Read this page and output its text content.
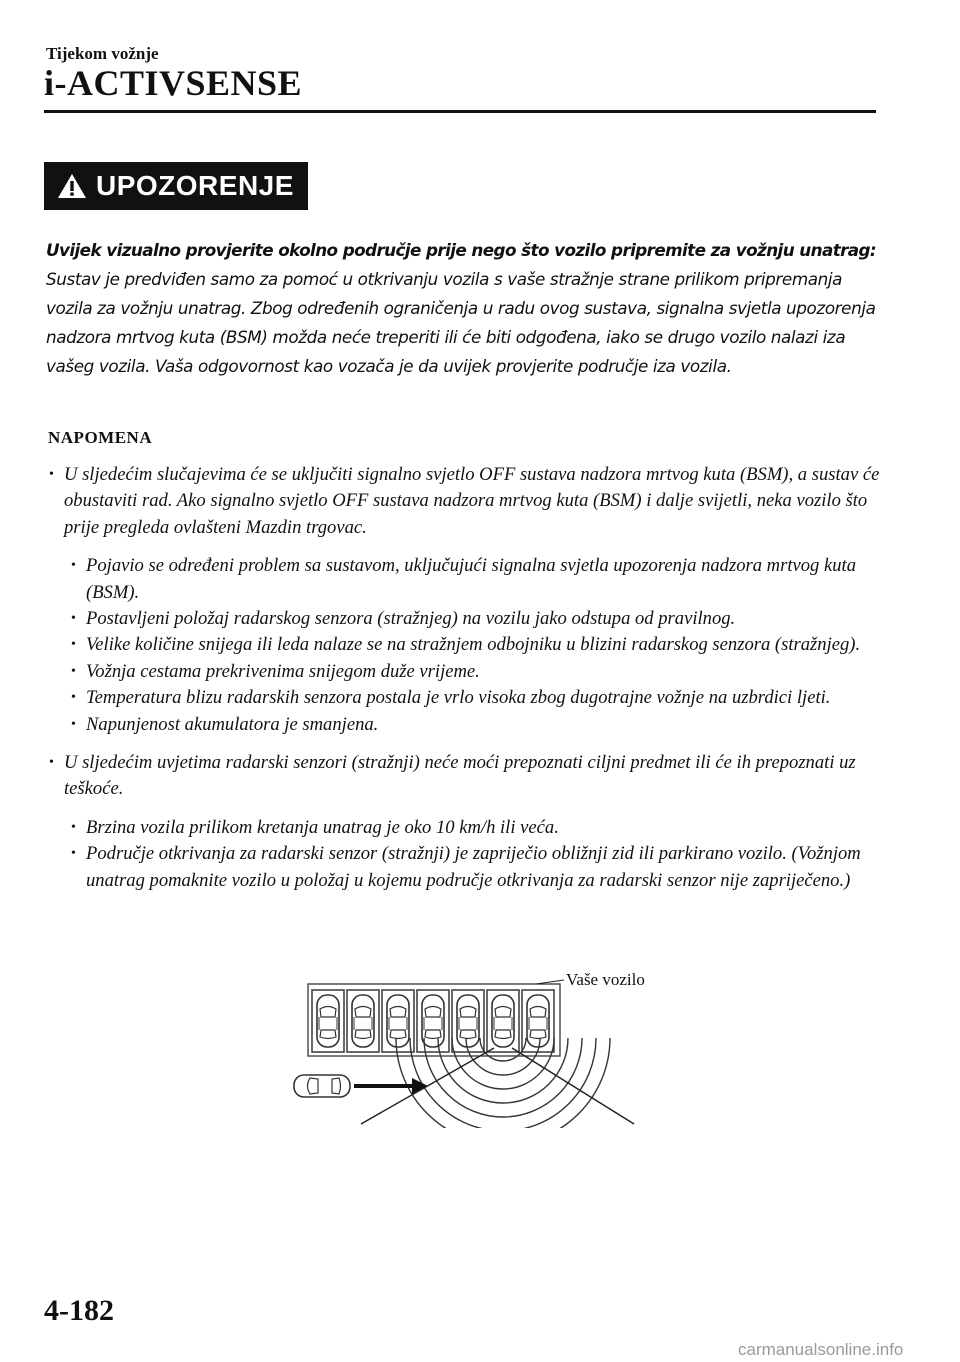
Tijekom vožnje
i-ACTIVSENSE
UPOZORENJE
Uvijek vizualno provjerite okolno područje prije nego što vozilo pripremite za vožnju unatrag:
Sustav je predviđen samo za pomoć u otkrivanju vozila s vaše stražnje strane prilikom pripremanja vozila za vožnju unatrag. Zbog određenih ograničenja u radu ovog sustava, signalna svjetla upozorenja nadzora mrtvog kuta (BSM) možda neće treperiti ili će biti odgođena, iako se drugo vozilo nalazi iza vašeg vozila. Vaša odgovornost kao vozača je da uvijek provjerite područje iza vozila.
NAPOMENA
• U sljedećim slučajevima će se uključiti signalno svjetlo OFF sustava nadzora mrtvog kuta (BSM), a sustav će obustaviti rad. Ako signalno svjetlo OFF sustava nadzora mrtvog kuta (BSM) i dalje svijetli, neka vozilo što prije pregleda ovlašteni Mazdin trgovac.
• Pojavio se određeni problem sa sustavom, uključujući signalna svjetla upozorenja nadzora mrtvog kuta (BSM).
• Postavljeni položaj radarskog senzora (stražnjeg) na vozilu jako odstupa od pravilnog.
• Velike količine snijega ili leda nalaze se na stražnjem odbojniku u blizini radarskog senzora (stražnjeg).
• Vožnja cestama prekrivenima snijegom duže vrijeme.
• Temperatura blizu radarskih senzora postala je vrlo visoka zbog dugotrajne vožnje na uzbrdici ljeti.
• Napunjenost akumulatora je smanjena.
• U sljedećim uvjetima radarski senzori (stražnji) neće moći prepoznati ciljni predmet ili će ih prepoznati uz teškoće.
• Brzina vozila prilikom kretanja unatrag je oko 10 km/h ili veća.
• Područje otkrivanja za radarski senzor (stražnji) je zapriječio obližnji zid ili parkirano vozilo. (Vožnjom unatrag pomaknite vozilo u položaj u kojemu područje otkrivanja za radarski senzor nije zapriječeno.)
Vaše vozilo
4-182
carmanualsonline.info
